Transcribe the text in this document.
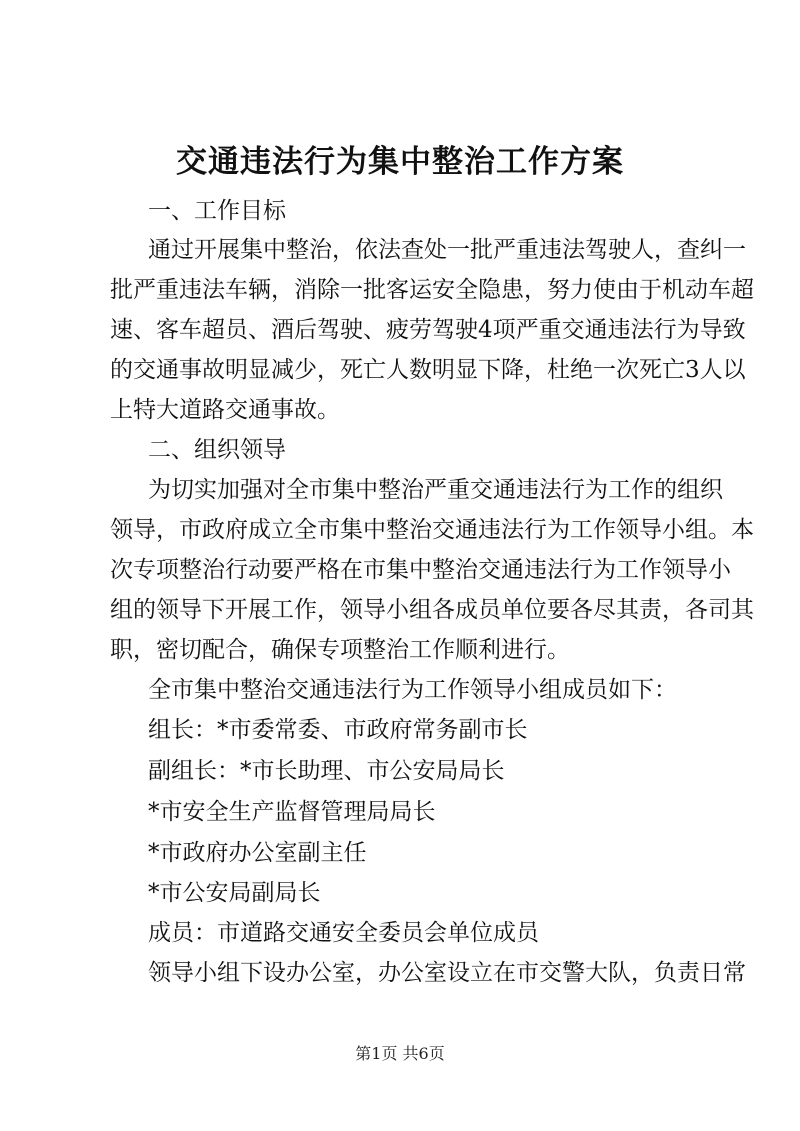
交通违法行为集中整治工作方案
一、工作目标
通过开展集中整治，依法查处一批严重违法驾驶人，查纠一
批严重违法车辆，消除一批客运安全隐患，努力使由于机动车超
速、客车超员、酒后驾驶、疲劳驾驶4项严重交通违法行为导致
的交通事故明显减少，死亡人数明显下降，杜绝一次死亡3人以
上特大道路交通事故。
二、组织领导
为切实加强对全市集中整治严重交通违法行为工作的组织
领导，市政府成立全市集中整治交通违法行为工作领导小组。本
次专项整治行动要严格在市集中整治交通违法行为工作领导小
组的领导下开展工作，领导小组各成员单位要各尽其责，各司其
职，密切配合，确保专项整治工作顺利进行。
全市集中整治交通违法行为工作领导小组成员如下：
组长：*市委常委、市政府常务副市长
副组长：*市长助理、市公安局局长
*市安全生产监督管理局局长
*市政府办公室副主任
*市公安局副局长
成员：市道路交通安全委员会单位成员
领导小组下设办公室，办公室设立在市交警大队，负责日常
第1页 共6页
